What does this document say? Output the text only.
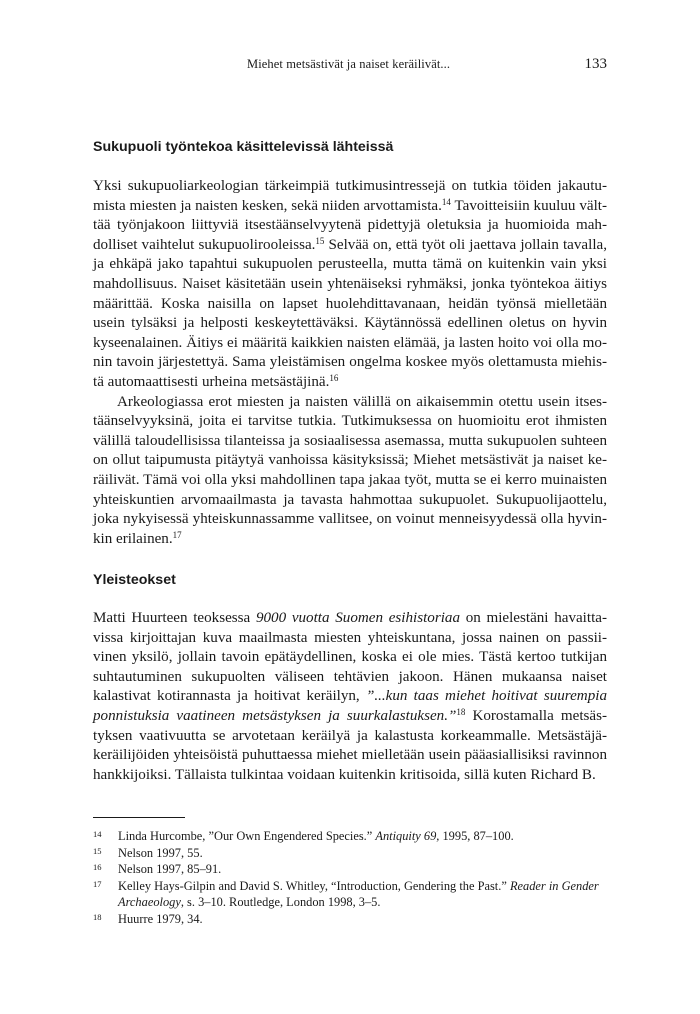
Miehet metsästivät ja naiset keräilivät...	133
Sukupuoli työntekoa käsittelevissä lähteissä

Yksi sukupuoliarkeologian tärkeimpiä tutkimusintressejä on tutkia töiden jakautumista miesten ja naisten kesken, sekä niiden arvottamista.$^{14}$ Tavoitteisiin kuuluu välttää työnjakoon liittyviä itsestäänselvyytenä pidettyjä oletuksia ja huomioida mahdolliset vaihtelut sukupuolirooleissa.$^{15}$ Selvää on, että työt oli jaettava jollain tavalla, ja ehkäpä jako tapahtui sukupuolen perusteella, mutta tämä on kuitenkin vain yksi mahdollisuus. Naiset käsitetään usein yhtenäiseksi ryhmäksi, jonka työntekoa äitiys määrittää. Koska naisilla on lapset huolehdittavanaan, heidän työnsä mielletään usein tylsäksi ja helposti keskeytettäväksi. Käytännössä edellinen oletus on hyvin kyseenalainen. Äitiys ei määritä kaikkien naisten elämää, ja lasten hoito voi olla monin tavoin järjestettyä. Sama yleistämisen ongelma koskee myös olettamusta miehistä automaattisesti urheina metsästäjinä.$^{16}$

Arkeologiassa erot miesten ja naisten välillä on aikaisemmin otettu usein itsestäänselvyyksinä, joita ei tarvitse tutkia. Tutkimuksessa on huomioitu erot ihmisten välillä taloudellisissa tilanteissa ja sosiaalisessa asemassa, mutta sukupuolen suhteen on ollut taipumusta pitäytyä vanhoissa käsityksissä; Miehet metsästivät ja naiset keräilivät. Tämä voi olla yksi mahdollinen tapa jakaa työt, mutta se ei kerro muinaisten yhteiskuntien arvomaailmasta ja tavasta hahmottaa sukupuolet. Sukupuolijaottelu, joka nykyisessä yhteiskunnassamme vallitsee, on voinut menneisyydessä olla hyvinkin erilainen.$^{17}$

Yleisteokset

Matti Huurteen teoksessa 9000 vuotta Suomen esihistoriaa on mielestäni havaittavissa kirjoittajan kuva maailmasta miesten yhteiskuntana, jossa nainen on passiivinen yksilö, jollain tavoin epätäydellinen, koska ei ole mies. Tästä kertoo tutkijan suhtautuminen sukupuolten väliseen tehtävien jakoon. Hänen mukaansa naiset kalastivat kotirannasta ja hoitivat keräilyn, ”...kun taas miehet hoitivat suurempia ponnistuksia vaatineen metsästyksen ja suurkalastuksen.”$^{18}$ Korostamalla metsästyksen vaativuutta se arvotetaan keräilyä ja kalastusta korkeammalle. Metsästäjä-keräilijöiden yhteisöistä puhuttaessa miehet mielletään usein pääasiallisiksi ravinnon hankkijoiksi. Tällaista tulkintaa voidaan kuitenkin kritisoida, sillä kuten Richard B.

14 Linda Hurcombe, ”Our Own Engendered Species.” Antiquity 69, 1995, 87–100.
15 Nelson 1997, 55.
16 Nelson 1997, 85–91.
17 Kelley Hays-Gilpin and David S. Whitley, “Introduction, Gendering the Past.” Reader in Gender Archaeology, s. 3–10. Routledge, London 1998, 3–5.
18 Huurre 1979, 34.
